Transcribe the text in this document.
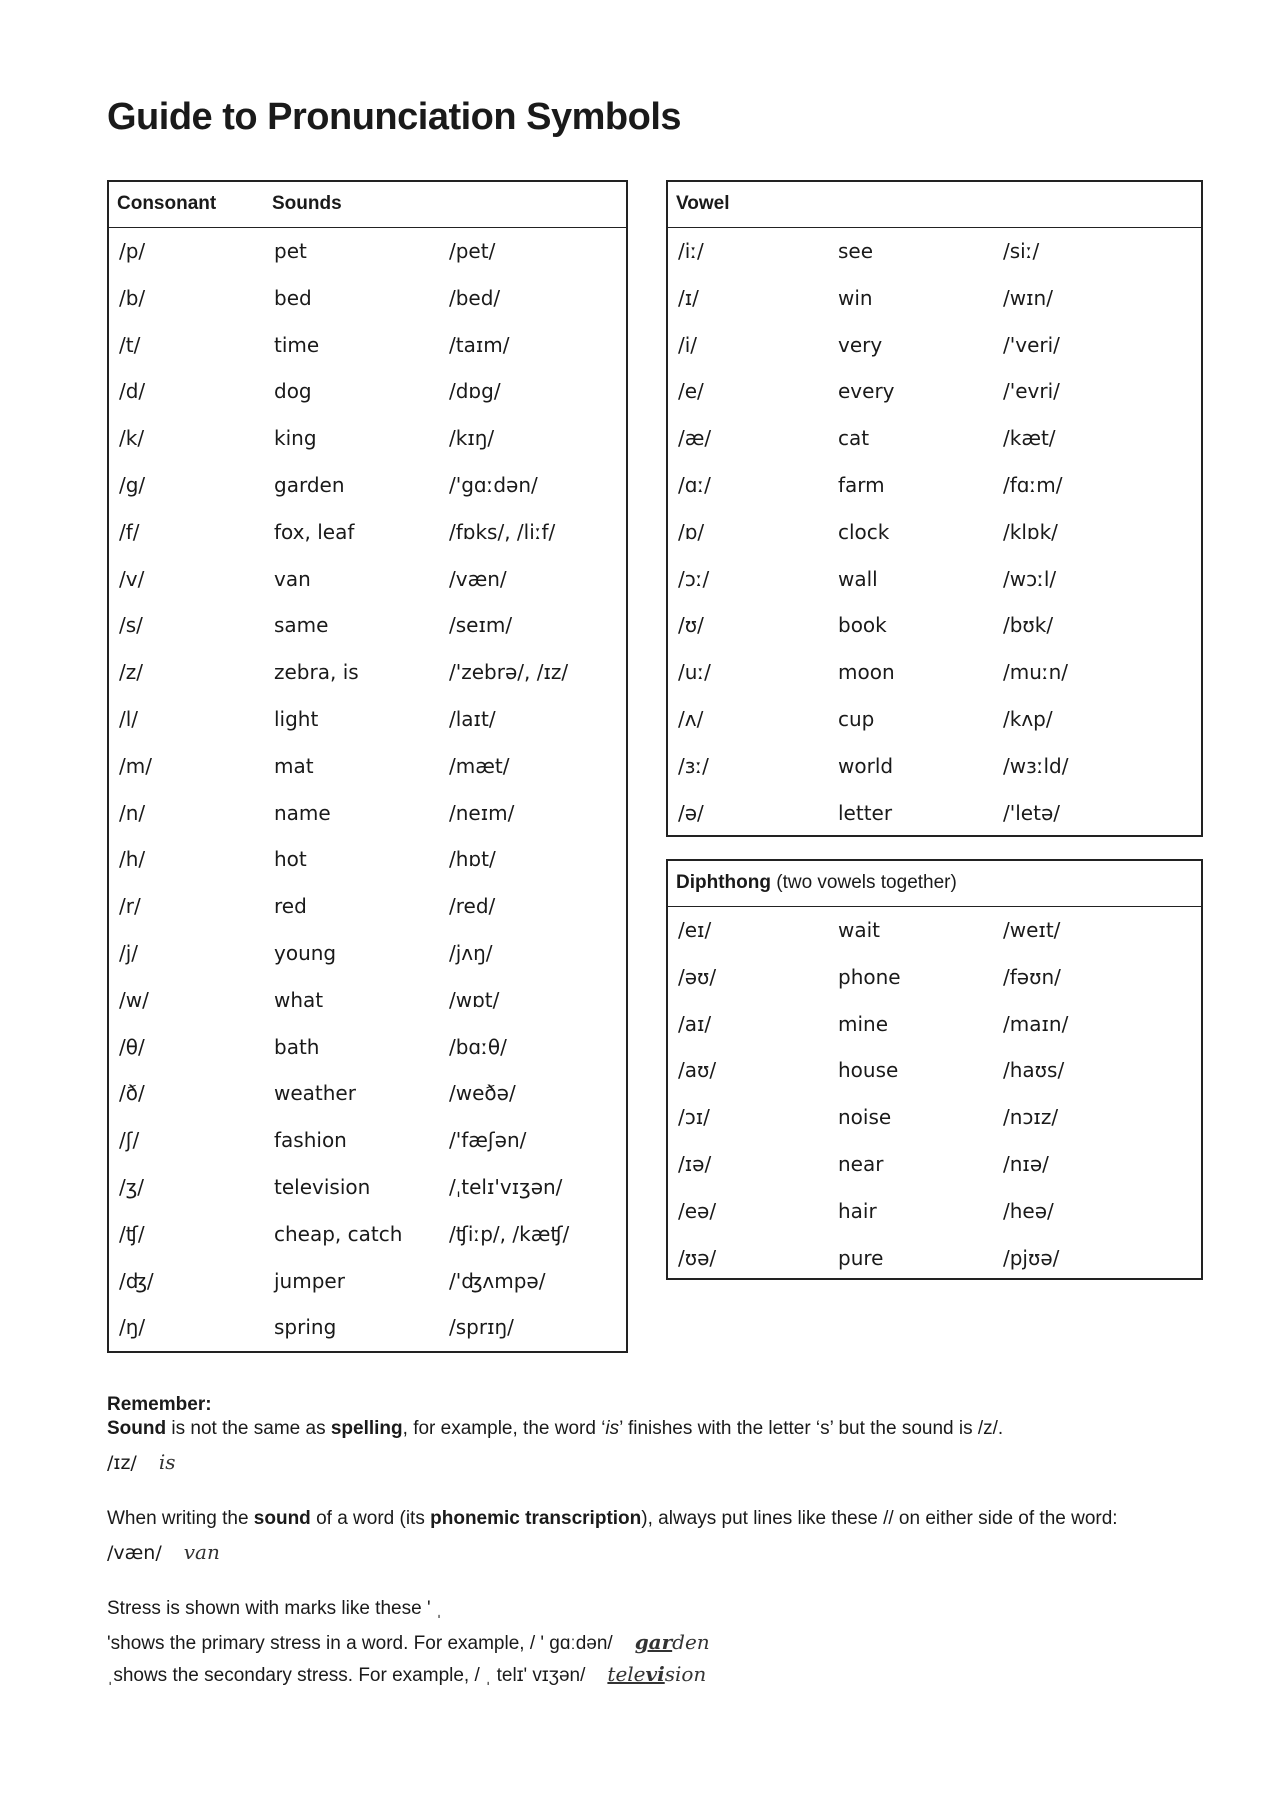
Guide to Pronunciation Symbols
Consonant	Sounds
/p/	pet	/pet/
/b/	bed	/bed/
/t/	time	/taɪm/
/d/	dog	/dɒg/
/k/	king	/kɪŋ/
/g/	garden	/'gɑːdən/
/f/	fox, leaf	/fɒks/, /liːf/
/v/	van	/væn/
/s/	same	/seɪm/
/z/	zebra, is	/'zebrə/, /ɪz/
/l/	light	/laɪt/
/m/	mat	/mæt/
/n/	name	/neɪm/
/h/	hot	/hɒt/
/r/	red	/red/
/j/	young	/jʌŋ/
/w/	what	/wɒt/
/θ/	bath	/bɑːθ/
/ð/	weather	/weðə/
/ʃ/	fashion	/'fæʃən/
/ʒ/	television	/ˌtelɪ'vɪʒən/
/ʧ/	cheap, catch /ʧiːp/, /kæʧ/
/ʤ/	jumper	/'ʤʌmpə/
/ŋ/	spring	/sprɪŋ/
Vowel
/iː/	see	/siː/
/ɪ/	win	/wɪn/
/i/	very	/'veri/
/e/	every	/'evri/
/æ/	cat	/kæt/
/ɑː/	farm	/fɑːm/
/ɒ/	clock	/klɒk/
/ɔː/	wall	/wɔːl/
/ʊ/	book	/bʊk/
/uː/	moon	/muːn/
/ʌ/	cup	/kʌp/
/ɜː/	world	/wɜːld/
/ə/	letter	/'letə/
Diphthong (two vowels together)
/eɪ/	wait	/weɪt/
/əʊ/	phone	/fəʊn/
/aɪ/	mine	/maɪn/
/aʊ/	house	/haʊs/
/ɔɪ/	noise	/nɔɪz/
/ɪə/	near	/nɪə/
/eə/	hair	/heə/
/ʊə/	pure	/pjʊə/
Remember:
Sound is not the same as spelling, for example, the word ‘is’ finishes with the letter ‘s’ but the sound is /z/.
/ɪz/ is
When writing the sound of a word (its phonemic transcription), always put lines like these // on either side of the word:
/væn/ van
Stress is shown with marks like these ' ˌ
'shows the primary stress in a word. For example, / ' gɑːdən/ garden
ˌshows the secondary stress. For example, / ˌ telɪ' vɪʒən/ television
